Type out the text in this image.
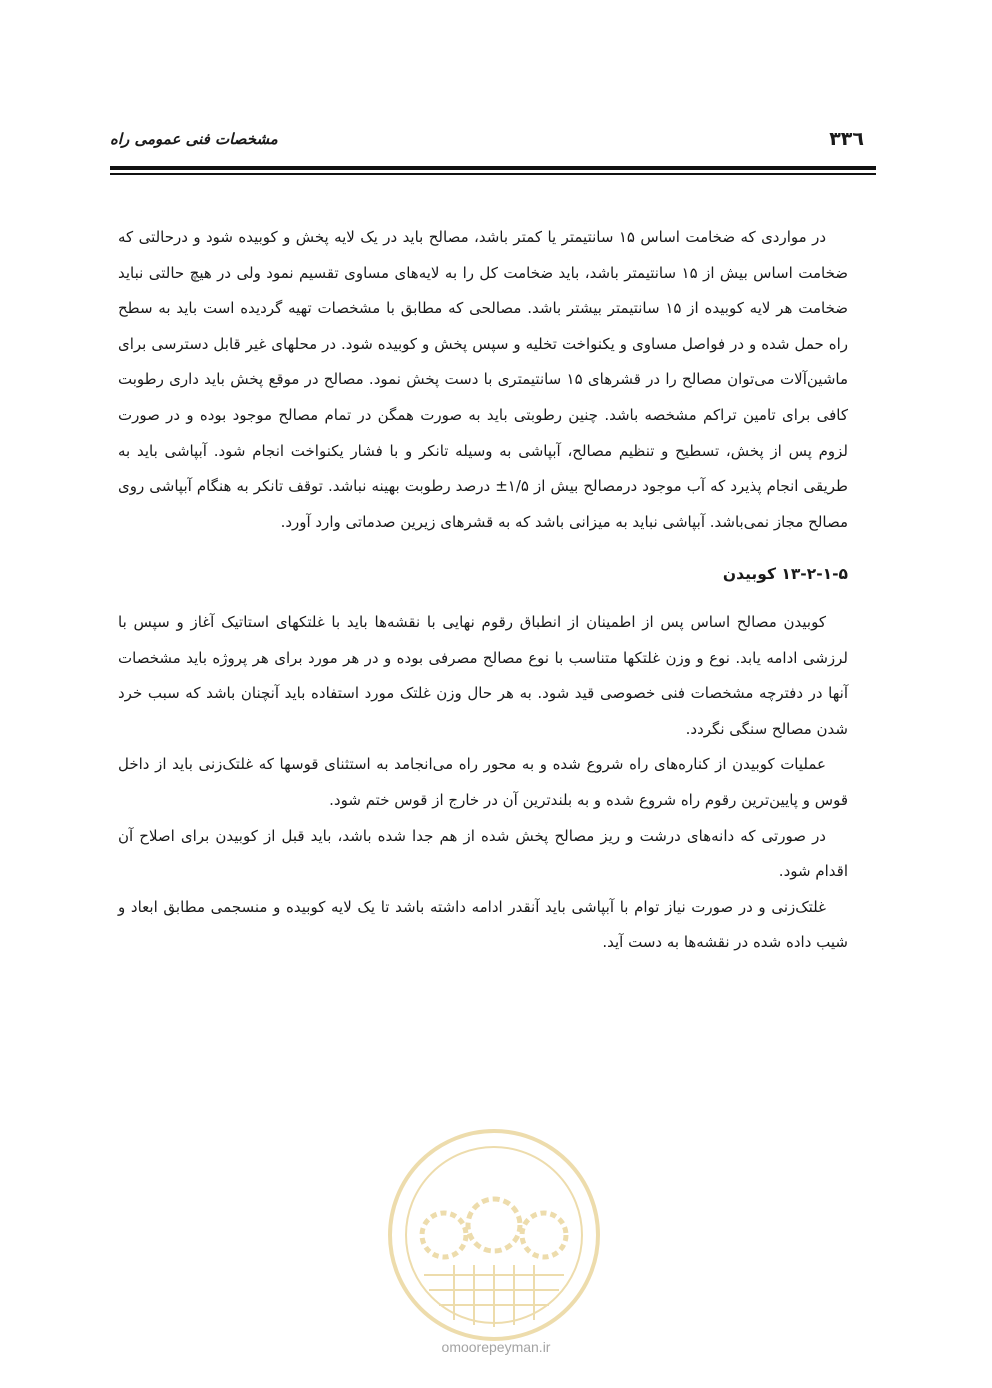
۳۳٦
مشخصات فنی عمومی راه

در مواردی که ضخامت اساس ۱۵ سانتیمتر یا کمتر باشد، مصالح باید در یک لایه پخش و کوبیده شود و درحالتی که ضخامت اساس بیش از ۱۵ سانتیمتر باشد، باید ضخامت کل را به لایه‌های مساوی تقسیم نمود ولی در هیچ حالتی نباید ضخامت هر لایه کوبیده از ۱۵ سانتیمتر بیشتر باشد. مصالحی که مطابق با مشخصات تهیه گردیده است باید به سطح راه حمل شده و در فواصل مساوی و یکنواخت تخلیه و سپس پخش و کوبیده شود. در محلهای غیر قابل دسترسی برای ماشین‌آلات می‌توان مصالح را در قشرهای ۱۵ سانتیمتری با دست پخش نمود. مصالح در موقع پخش باید داری رطوبت کافی برای تامین تراکم مشخصه باشد. چنین رطوبتی باید به صورت همگن در تمام مصالح موجود بوده و در صورت لزوم پس از پخش، تسطیح و تنظیم مصالح، آبپاشی به وسیله تانکر و با فشار یکنواخت انجام شود. آبپاشی باید به طریقی انجام پذیرد که آب موجود درمصالح بیش از ۱/۵± درصد رطوبت بهینه نباشد. توقف تانکر به هنگام آبپاشی روی مصالح مجاز نمی‌باشد. آبپاشی نباید به میزانی باشد که به قشرهای زیرین صدماتی وارد آورد.

۱۳-۲-۱-۵ کوبیدن

کوبیدن مصالح اساس پس از اطمینان از انطباق رقوم نهایی با نقشه‌ها باید با غلتکهای استاتیک آغاز و سپس با لرزشی ادامه یابد. نوع و وزن غلتکها متناسب با نوع مصالح مصرفی بوده و در هر مورد برای هر پروژه باید مشخصات آنها در دفترچه مشخصات فنی خصوصی قید شود. به هر حال وزن غلتک مورد استفاده باید آنچنان باشد که سبب خرد شدن مصالح سنگی نگردد.

عملیات کوبیدن از کناره‌های راه شروع شده و به محور راه می‌انجامد به استثنای قوسها که غلتک‌زنی باید از داخل قوس و پایین‌ترین رقوم راه شروع شده و به بلندترین آن در خارج از قوس ختم شود.

در صورتی که دانه‌های درشت و ریز مصالح پخش شده از هم جدا شده باشد، باید قبل از کوبیدن برای اصلاح آن اقدام شود.

غلتک‌زنی و در صورت نیاز توام با آبپاشی باید آنقدر ادامه داشته باشد تا یک لایه کوبیده و منسجمی مطابق ابعاد و شیب داده شده در نقشه‌ها به دست آید.

omoorepeyman.ir
